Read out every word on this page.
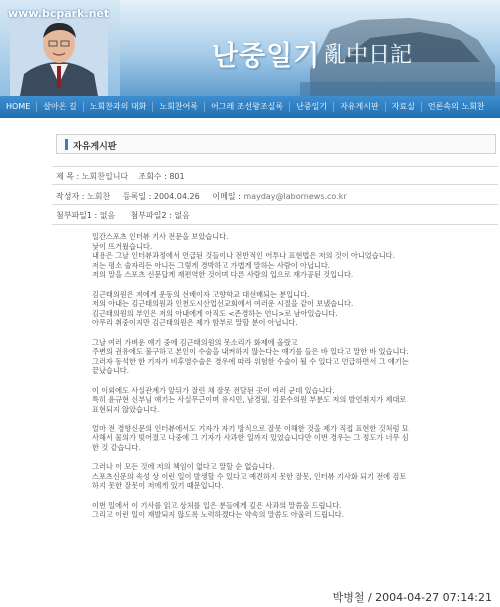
www.bcpark.net
난중일기 亂中日記
HOME	살아온 길	노회찬과의 대화	노회찬어록	어그레 조선왕조실록	난중일기	자유게시판	자료실	언론속의 노회찬
자유게시판
제 목 : 노회찬입니다 조회수 : 801
작성자 : 노회찬 등록일 : 2004.04.26 이메일 : mayday@labornews.co.kr
첨부파일1 : 없음 첨부파일2 : 없음

일간스포츠 인터뷰 기사 전문을 보았습니다.

낯이 뜨거웠습니다.

내용은 그날 인터뷰과정에서 언급된 것들이나 전반적인 어투나 표현법은 저의 것이 아니었습니다.

저는 평소 술자리든 아니든 그렇게 경박하고 가볍게 말하는 사람이 아닙니다.

저의 말을 스포츠 신문답게 재편역한 것이며 다른 사람의 입으로 재가공된 것입니다.

김근태의원은 저에게 운동의 선배이자 고향학교 대선배되는 분입니다.

저의 아내는 김근태의원과 인천도시산업선교회에서 여러운 시절을 같이 보냈습니다.

김근태의원의 부인은 저의 아내에게 아직도 <존경하는 언니>로 남아있습니다.

아무리 취중이지만 김근태의원은 제가 함부로 말할 분이 아닙니다.

그날 여러 가벼운 얘기 중에 김근태의원의 못소리가 화제에 올랐고

주변의 권유에도 불구하고 본인이 수술을 내켜하지 않는다는 얘기를 들은 바 있다고 말한 바 있습니다.

그러자 동석한 한 기자가 비후염수술은 경우에 따라 위험한 수술이 될 수 있다고 언급하면서 그 얘기는 끝났습니다.

이 이외에도 사실관계가 앞뒤가 잘린 채 잘못 전달된 곳이 여러 군데 있습니다.

특히 윤규현 신부님 얘기는 사실무근이며 유시민, 남경필, 김문수의원 부분도 저의 발언취지가 제대로 표현되지 않았습니다.

얼마 전 경향신문의 인터뷰에서도 기자가 자기 방식으로 잘못 이해한 것을 제가 직접 표현한 것처럼 묘사해서 물의가 빚어졌고 나중에 그 기자가 사과한 일까지 있었습니다만 이번 경우는 그 정도가 너무 심한 것 같습니다.

그러나 이 모든 것에 저의 책임이 없다고 말할 순 없습니다.

스포츠신문의 속성 상 이런 일이 발생할 수 있다고 예견하지 못한 잘못, 인터뷰 기사화 되기 전에 검토하지 못한 잘못이 저에게 있기 때문입니다.

이번 일에서 이 기사를 읽고 상처를 입은 분들에게 깊은 사과의 말씀을 드립니다.

그리고 이런 일이 재발되지 않도록 노력하겠다는 약속의 말씀도 아울러 드립니다.

박병철 / 2004-04-27 07:14:21
